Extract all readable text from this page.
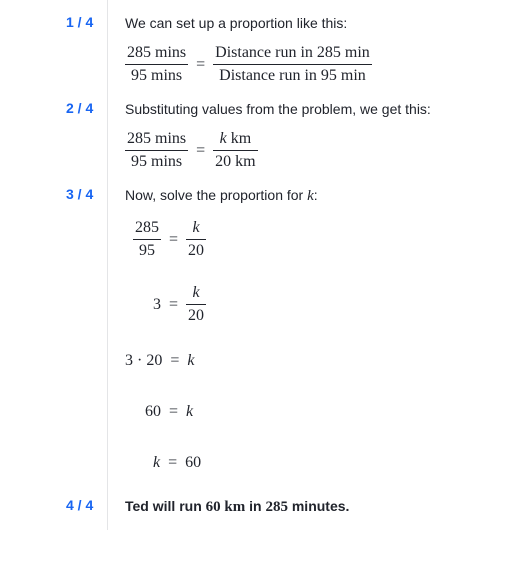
1 / 4 We can set up a proportion like this:
$\frac{285 \min s}{95 \min s} = \frac{\text{Distance run in 285 min}}{\text{Distance run in 95 min}}$
2 / 4 Substituting values from the problem, we get this:
$\frac{285 \min s}{95 \min s} = \frac{\text{k km}}{20 km}$
3 / 4 Now, solve the proportion for k:
$\frac{285}{95} = \frac{k}{20}$
$3 = \frac{k}{20}$
3 · 20 = k
60 = k
k = 60
4 / 4 Ted will run 60 km in 285 minutes.
